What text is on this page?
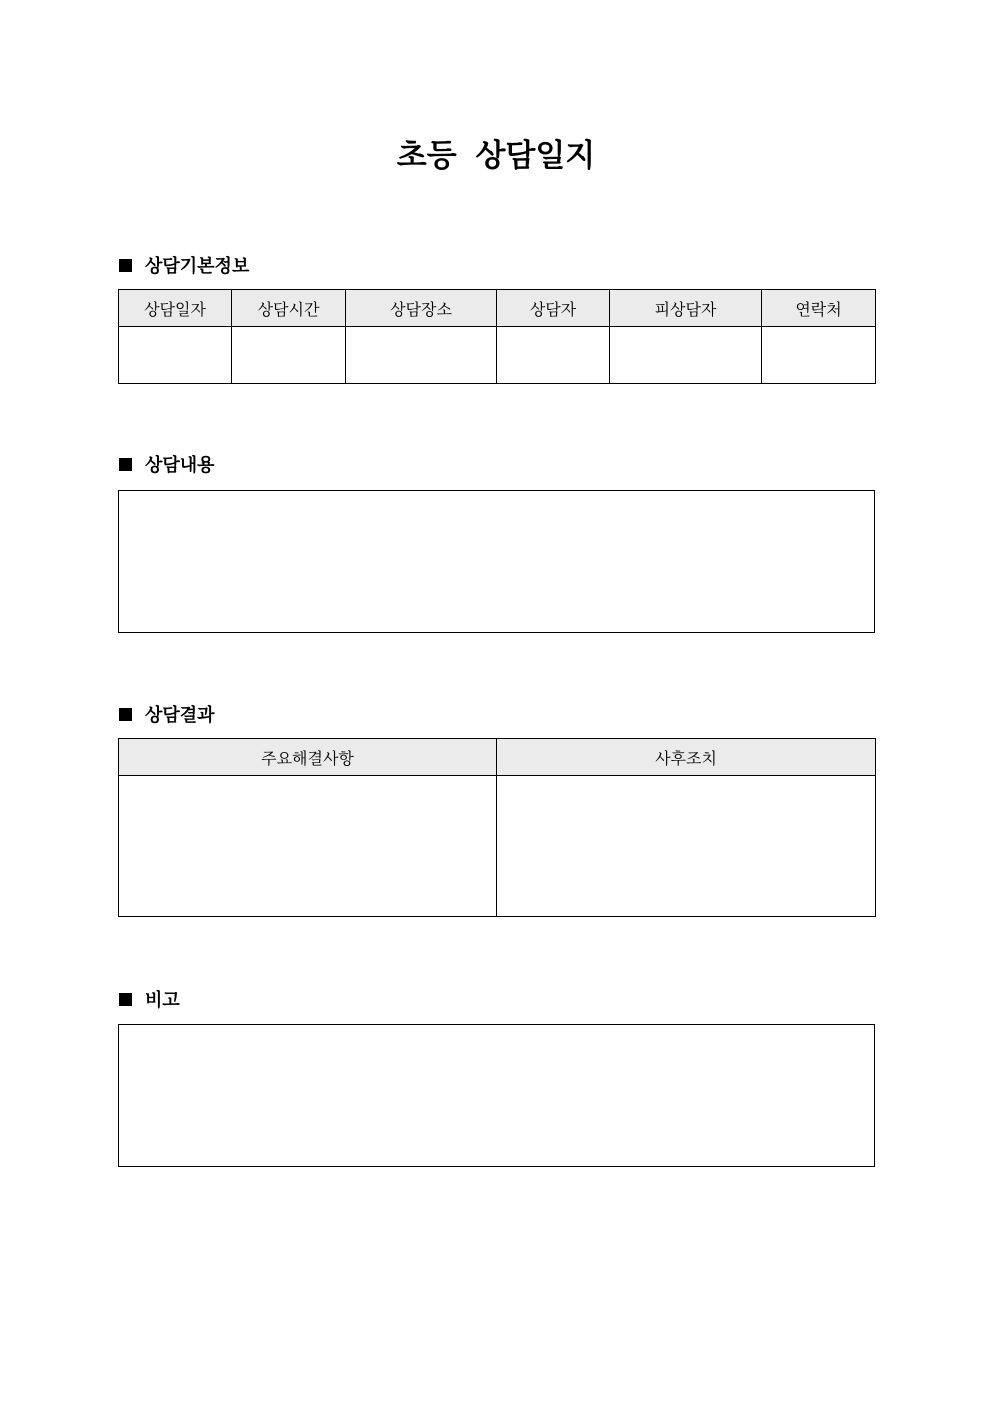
초등 상담일지
상담기본정보
상담일자	상담시간	상담장소	상담자	피상담자	연락처

상담내용
상담결과
주요해결사항	사후조치

비고
